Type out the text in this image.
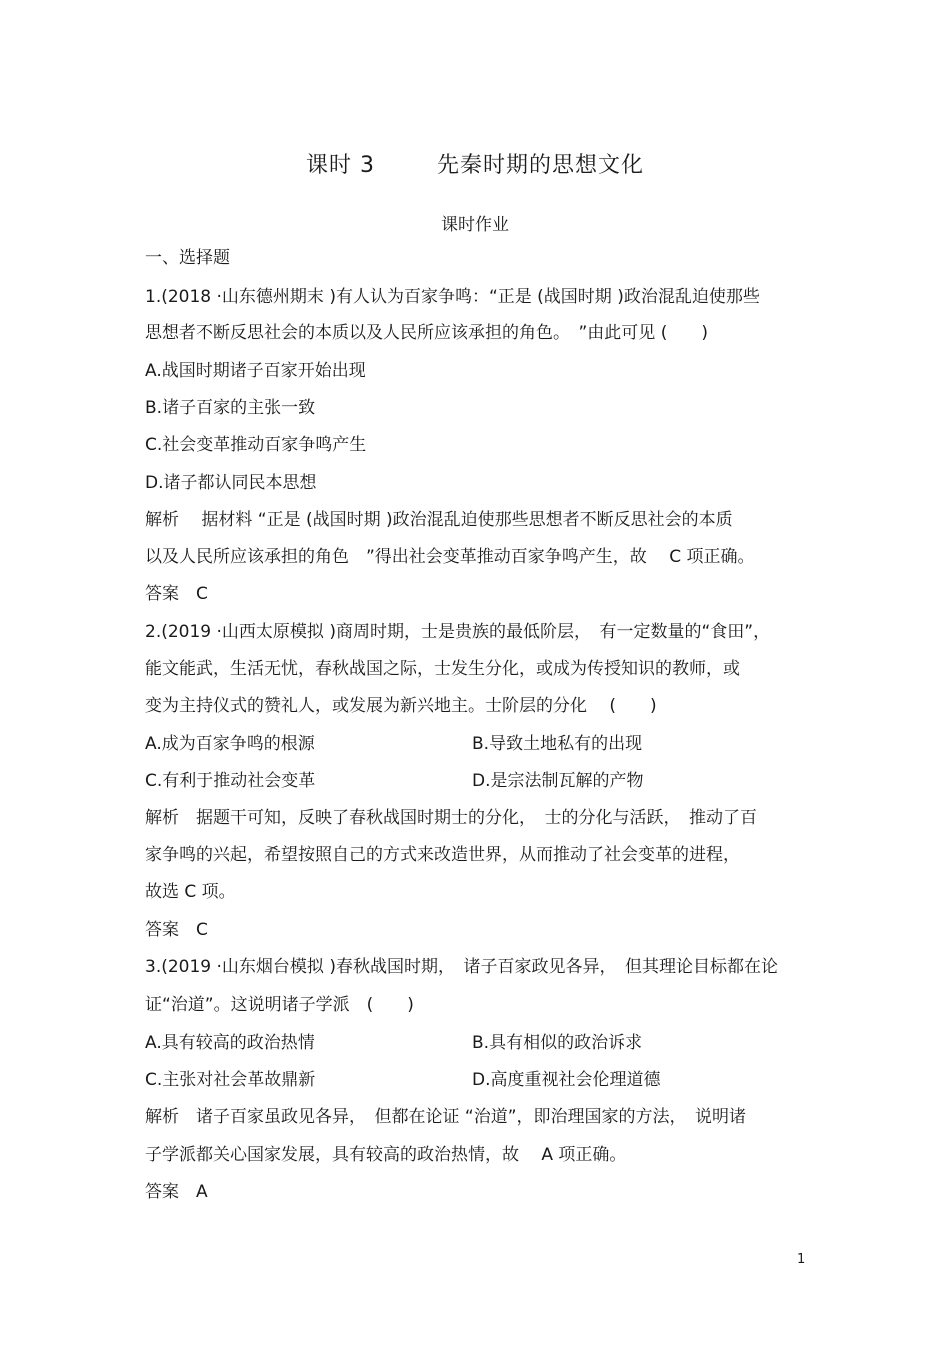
课时 3	先秦时期的思想文化
课时作业
一、选择题
1.(2018 ·山东德州期末 )有人认为百家争鸣：“正是 (战国时期 )政治混乱迫使那些
思想者不断反思社会的本质以及人民所应该承担的角色。　”由此可见 (　　)
A.战国时期诸子百家开始出现
B.诸子百家的主张一致
C.社会变革推动百家争鸣产生
D.诸子都认同民本思想
解析　 据材料 “正是 (战国时期 )政治混乱迫使那些思想者不断反思社会的本质
以及人民所应该承担的角色　”得出社会变革推动百家争鸣产生，故　 C 项正确。
答案　C
2.(2019 ·山西太原模拟 )商周时期，士是贵族的最低阶层，　有一定数量的“食田”，
能文能武，生活无忧，春秋战国之际，士发生分化，或成为传授知识的教师，或
变为主持仪式的赞礼人，或发展为新兴地主。士阶层的分化　 (　　)
A.成为百家争鸣的根源	B.导致土地私有的出现
C.有利于推动社会变革	D.是宗法制瓦解的产物
解析　据题干可知，反映了春秋战国时期士的分化，　士的分化与活跃，　推动了百
家争鸣的兴起，希望按照自己的方式来改造世界，从而推动了社会变革的进程，
故选 C 项。
答案　C
3.(2019 ·山东烟台模拟 )春秋战国时期，　诸子百家政见各异，　但其理论目标都在论
证“治道”。这说明诸子学派　(　　)
A.具有较高的政治热情	B.具有相似的政治诉求
C.主张对社会革故鼎新	D.高度重视社会伦理道德
解析　诸子百家虽政见各异，　但都在论证 “治道”，即治理国家的方法，　说明诸
子学派都关心国家发展，具有较高的政治热情，故　 A 项正确。
答案　A
1
